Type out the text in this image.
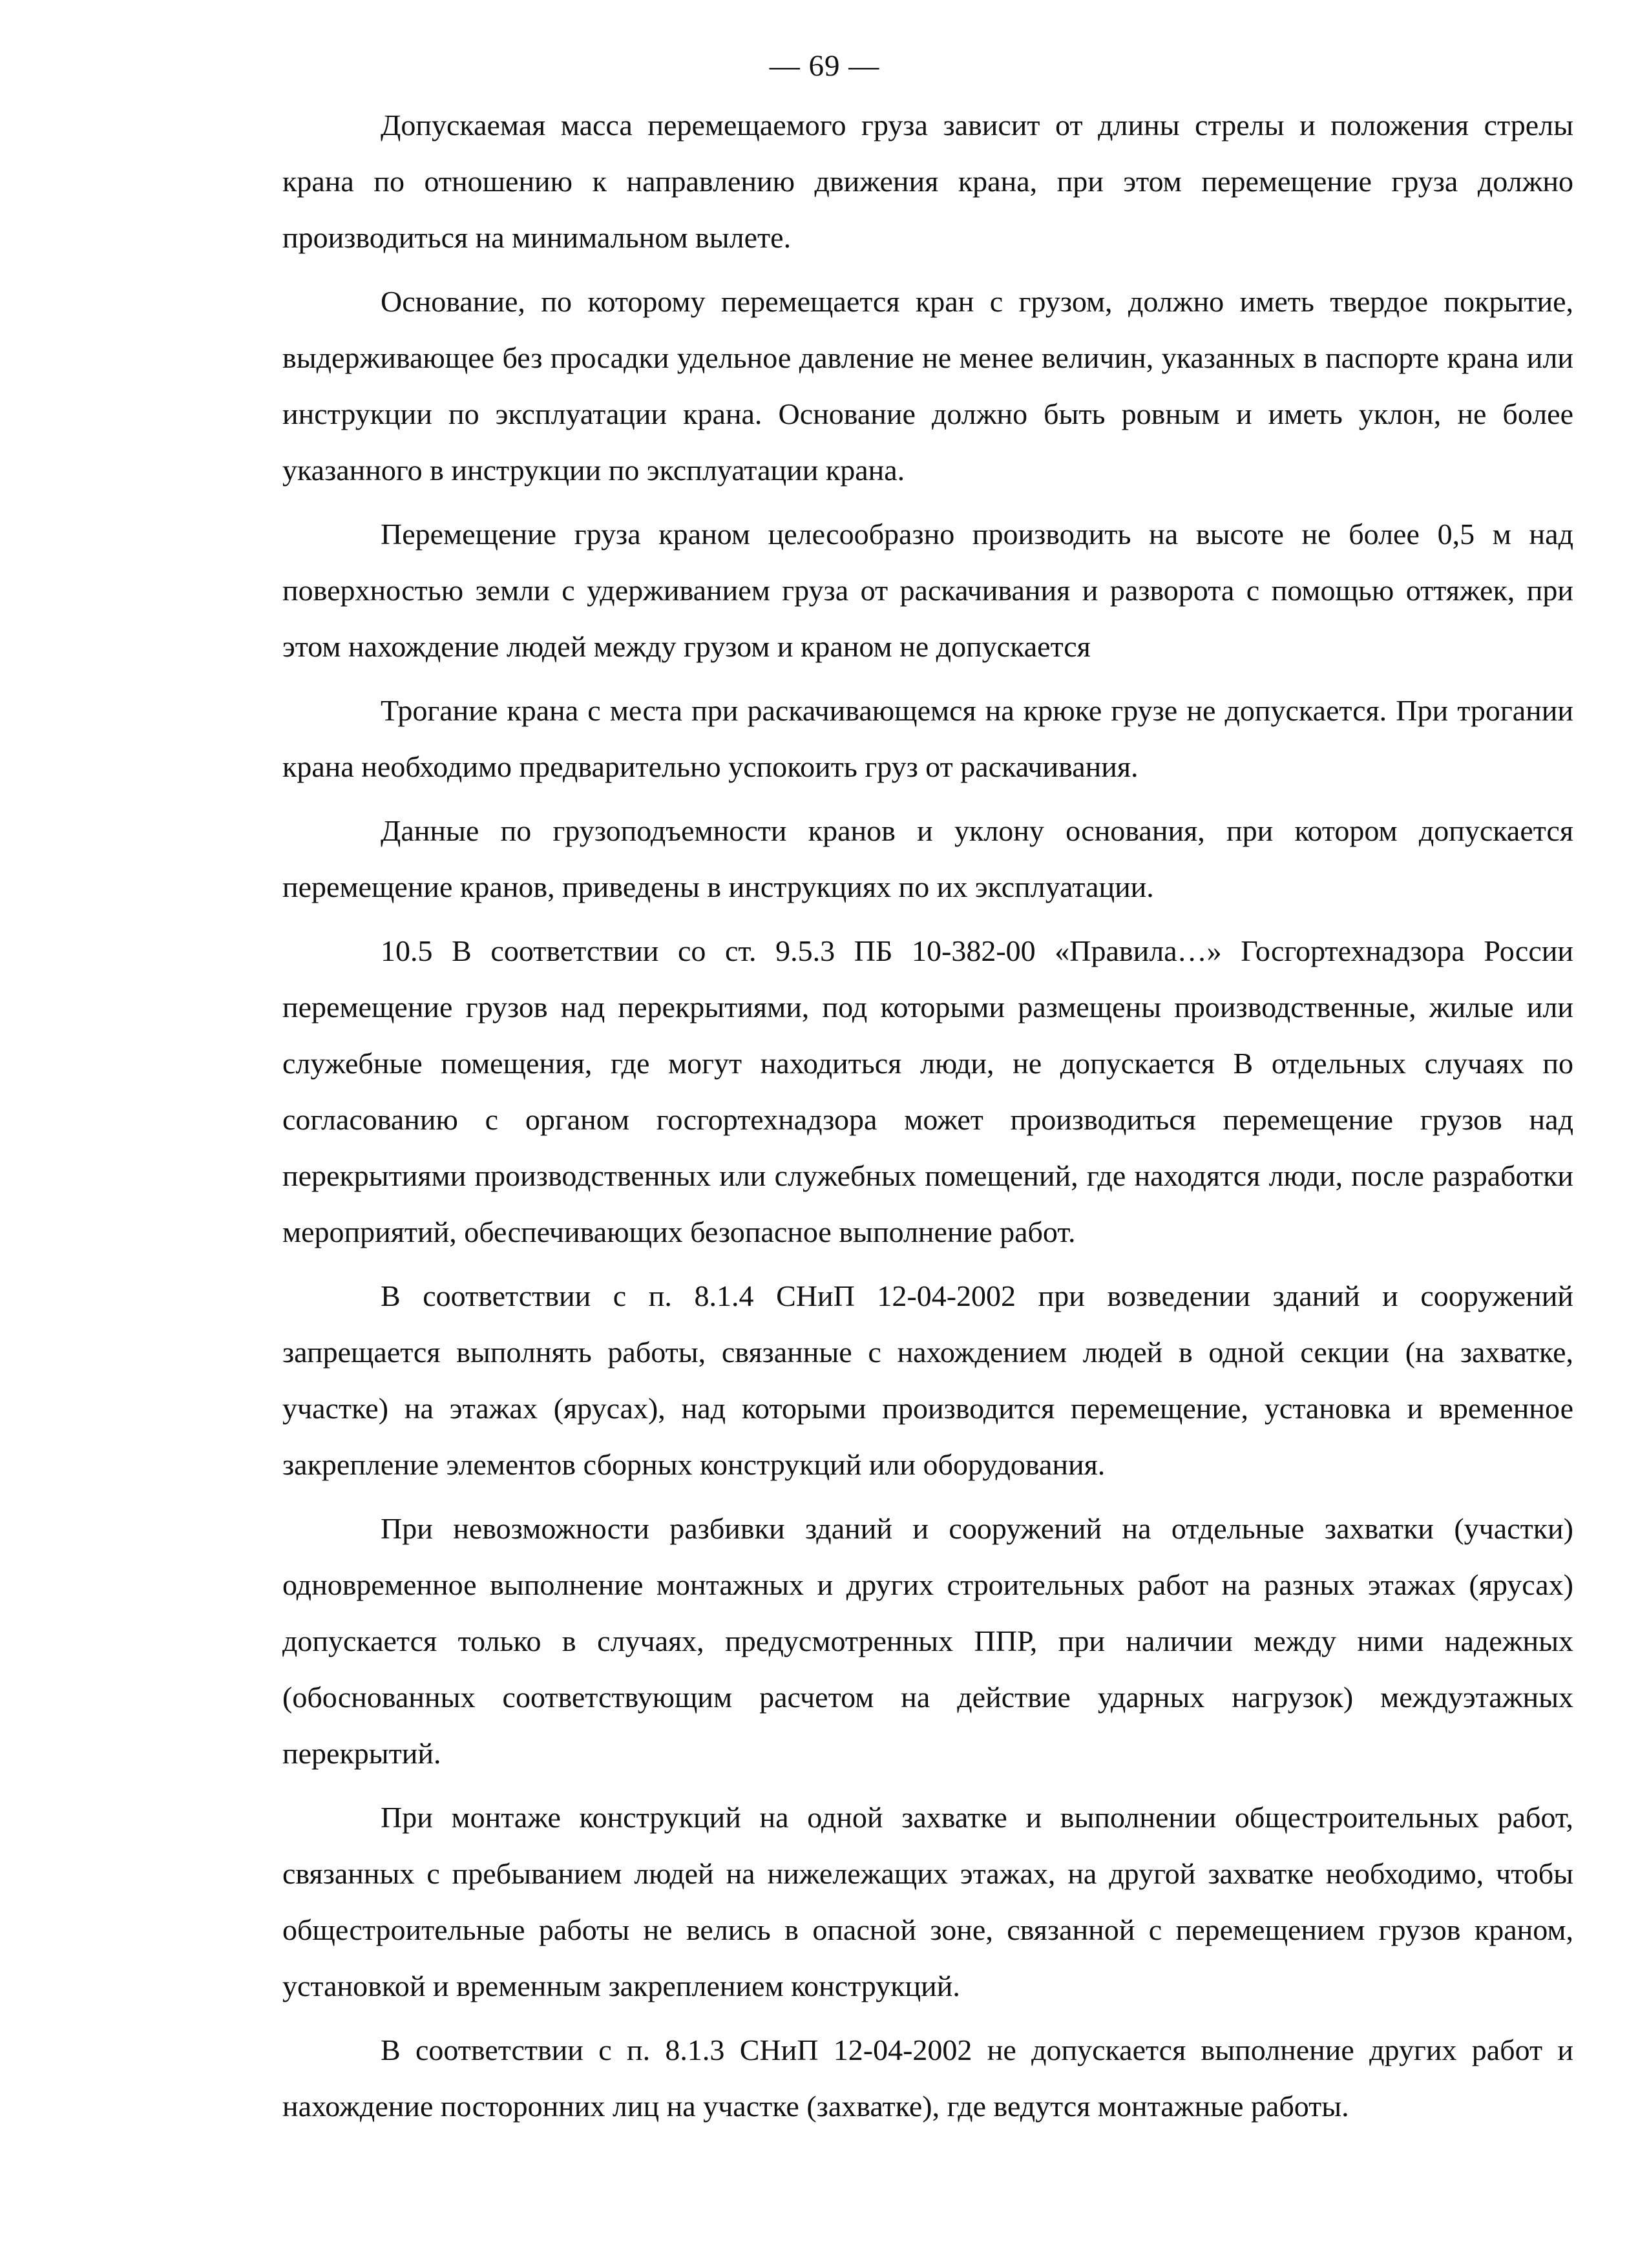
— 69 —

Допускаемая масса перемещаемого груза зависит от длины стрелы и положения стрелы крана по отношению к направлению движения крана, при этом перемещение груза должно производиться на минимальном вылете.

Основание, по которому перемещается кран с грузом, должно иметь твердое покрытие, выдерживающее без просадки удельное давление не менее величин, указанных в паспорте крана или инструкции по эксплуатации крана. Основание должно быть ровным и иметь уклон, не более указанного в инструкции по эксплуатации крана.

Перемещение груза краном целесообразно производить на высоте не более 0,5 м над поверхностью земли с удерживанием груза от раскачивания и разворота с помощью оттяжек, при этом нахождение людей между грузом и краном не допускается

Трогание крана с места при раскачивающемся на крюке грузе не допускается. При трогании крана необходимо предварительно успокоить груз от раскачивания.

Данные по грузоподъемности кранов и уклону основания, при котором допускается перемещение кранов, приведены в инструкциях по их эксплуатации.

10.5 В соответствии со ст. 9.5.3 ПБ 10-382-00 «Правила…» Госгортехнадзора России перемещение грузов над перекрытиями, под которыми размещены производственные, жилые или служебные помещения, где могут находиться люди, не допускается В отдельных случаях по согласованию с органом госгортехнадзора может производиться перемещение грузов над перекрытиями производственных или служебных помещений, где находятся люди, после разработки мероприятий, обеспечивающих безопасное выполнение работ.

В соответствии с п. 8.1.4 СНиП 12-04-2002 при возведении зданий и сооружений запрещается выполнять работы, связанные с нахождением людей в одной секции (на захватке, участке) на этажах (ярусах), над которыми производится перемещение, установка и временное закрепление элементов сборных конструкций или оборудования.

При невозможности разбивки зданий и сооружений на отдельные захватки (участки) одновременное выполнение монтажных и других строительных работ на разных этажах (ярусах) допускается только в случаях, предусмотренных ППР, при наличии между ними надежных (обоснованных соответствующим расчетом на действие ударных нагрузок) междуэтажных перекрытий.

При монтаже конструкций на одной захватке и выполнении общестроительных работ, связанных с пребыванием людей на нижележащих этажах, на другой захватке необходимо, чтобы общестроительные работы не велись в опасной зоне, связанной с перемещением грузов краном, установкой и временным закреплением конструкций.

В соответствии с п. 8.1.3 СНиП 12-04-2002 не допускается выполнение других работ и нахождение посторонних лиц на участке (захватке), где ведутся монтажные работы.
